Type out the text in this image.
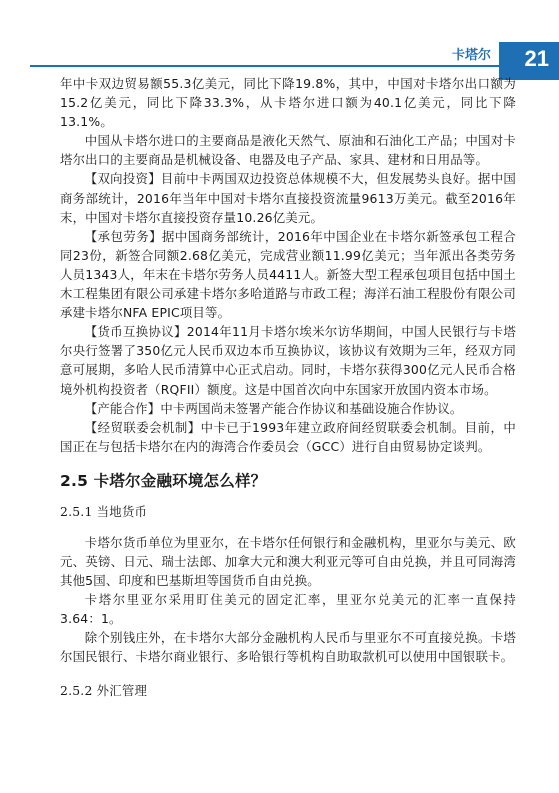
卡塔尔 21

年中卡双边贸易额55.3亿美元，同比下降19.8%，其中，中国对卡塔尔出口额为15.2亿美元，同比下降33.3%，从卡塔尔进口额为40.1亿美元，同比下降13.1%。

中国从卡塔尔进口的主要商品是液化天然气、原油和石油化工产品；中国对卡塔尔出口的主要商品是机械设备、电器及电子产品、家具、建材和日用品等。

【双向投资】目前中卡两国双边投资总体规模不大，但发展势头良好。据中国商务部统计，2016年当年中国对卡塔尔直接投资流量9613万美元。截至2016年末，中国对卡塔尔直接投资存量10.26亿美元。

【承包劳务】据中国商务部统计，2016年中国企业在卡塔尔新签承包工程合同23份，新签合同额2.68亿美元，完成营业额11.99亿美元；当年派出各类劳务人员1343人，年末在卡塔尔劳务人员4411人。新签大型工程承包项目包括中国土木工程集团有限公司承建卡塔尔多哈道路与市政工程；海洋石油工程股份有限公司承建卡塔尔NFA EPIC项目等。

【货币互换协议】2014年11月卡塔尔埃米尔访华期间，中国人民银行与卡塔尔央行签署了350亿元人民币双边本币互换协议，该协议有效期为三年，经双方同意可展期，多哈人民币清算中心正式启动。同时，卡塔尔获得300亿元人民币合格境外机构投资者（RQFII）额度。这是中国首次向中东国家开放国内资本市场。

【产能合作】中卡两国尚未签署产能合作协议和基础设施合作协议。

【经贸联委会机制】中卡已于1993年建立政府间经贸联委会机制。目前，中国正在与包括卡塔尔在内的海湾合作委员会（GCC）进行自由贸易协定谈判。

2.5 卡塔尔金融环境怎么样？
2.5.1 当地货币

卡塔尔货币单位为里亚尔，在卡塔尔任何银行和金融机构，里亚尔与美元、欧元、英镑、日元、瑞士法郎、加拿大元和澳大利亚元等可自由兑换，并且可同海湾其他5国、印度和巴基斯坦等国货币自由兑换。

卡塔尔里亚尔采用盯住美元的固定汇率，里亚尔兑美元的汇率一直保持3.64：1。

除个别钱庄外，在卡塔尔大部分金融机构人民币与里亚尔不可直接兑换。卡塔尔国民银行、卡塔尔商业银行、多哈银行等机构自助取款机可以使用中国银联卡。

2.5.2 外汇管理
